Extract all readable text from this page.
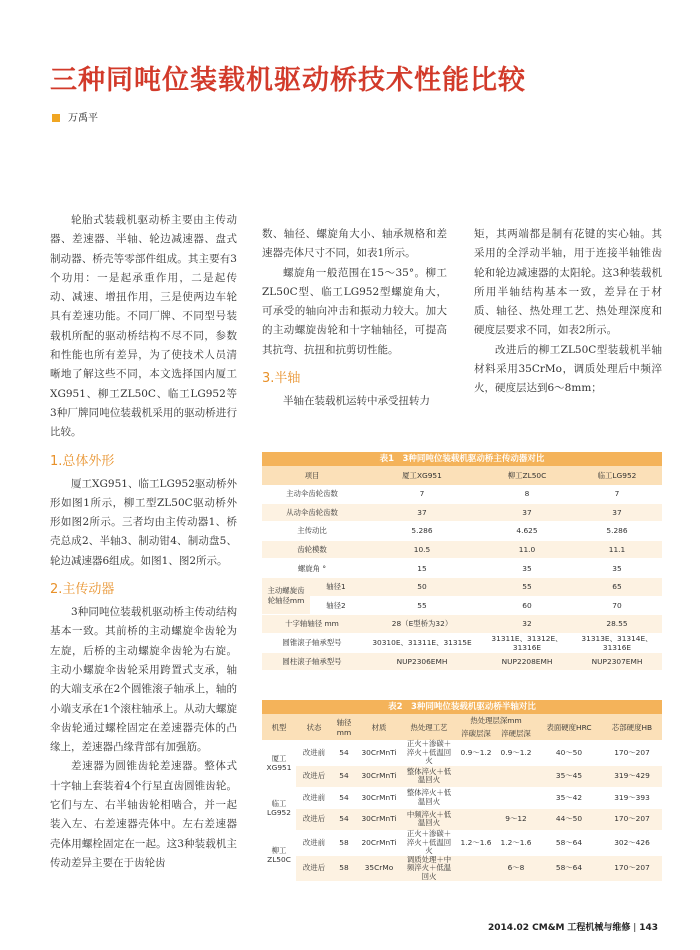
三种同吨位装载机驱动桥技术性能比较
万禹平

轮胎式装载机驱动桥主要由主传动器、差速器、半轴、轮边减速器、盘式制动器、桥壳等零部件组成。其主要有3个功用：一是起承重作用，二是起传动、减速、增扭作用，三是使两边车轮具有差速功能。不同厂牌、不同型号装载机所配的驱动桥结构不尽不同，参数和性能也所有差异，为了使技术人员清晰地了解这些不同，本文选择国内厦工XG951、柳工ZL50C、临工LG952等3种厂牌同吨位装载机采用的驱动桥进行比较。

1.总体外形

厦工XG951、临工LG952驱动桥外形如图1所示，柳工型ZL50C驱动桥外形如图2所示。三者均由主传动器1、桥壳总成2、半轴3、制动钳4、制动盘5、轮边减速器6组成。如图1、图2所示。

2.主传动器

3种同吨位装载机驱动桥主传动结构基本一致。其前桥的主动螺旋伞齿轮为左旋，后桥的主动螺旋伞齿轮为右旋。主动小螺旋伞齿轮采用跨置式支承，轴的大端支承在2个圆锥滚子轴承上，轴的小端支承在1个滚柱轴承上。从动大螺旋伞齿轮通过螺栓固定在差速器壳体的凸缘上，差速器凸缘背部有加强筋。

差速器为圆锥齿轮差速器。整体式十字轴上套装着4个行星直齿圆锥齿轮。它们与左、右半轴齿轮相啮合，并一起装入左、右差速器壳体中。左右差速器壳体用螺栓固定在一起。这3种装载机主传动差异主要在于齿轮齿

数、轴径、螺旋角大小、轴承规格和差速器壳体尺寸不同，如表1所示。

螺旋角一般范围在15～35°。柳工ZL50C型、临工LG952型螺旋角大，可承受的轴向冲击和振动力较大。加大的主动螺旋齿轮和十字轴轴径，可提高其抗弯、抗扭和抗剪切性能。

3.半轴

半轴在装载机运转中承受扭转力

矩，其两端都是制有花键的实心轴。其采用的全浮动半轴，用于连接半轴锥齿轮和轮边减速器的太阳轮。这3种装载机所用半轴结构基本一致，差异在于材质、轴径、热处理工艺、热处理深度和硬度层要求不同，如表2所示。

改进后的柳工ZL50C型装载机半轴材料采用35CrMo，调质处理后中频淬火，硬度层达到6～8mm；

表1　3种同吨位装载机驱动桥主传动器对比
项目	厦工XG951	柳工ZL50C	临工LG952
主动伞齿轮齿数	7	8	7
从动伞齿轮齿数	37	37	37
主传动比	5.286	4.625	5.286
齿轮模数	10.5	11.0	11.1
螺旋角 °	15	35	35
主动螺旋齿轮轴径mm	轴径1	50	55	65
	轴径2	55	60	70
十字轴轴径 mm	28（E型桥为32）	32	28.55
圆锥滚子轴承型号	30310E、31311E、31315E	31311E、31312E、31316E	31313E、31314E、31316E
圆柱滚子轴承型号	NUP2306EMH	NUP2208EMH	NUP2307EMH
表2　3种同吨位装载机驱动桥半轴对比
机型	状态	轴径mm	材质	热处理工艺	热处理层深mm		表面硬度HRC	芯部硬度HB
					淬碳层深	淬硬层深		
厦工XG951	改进前	54	30CrMnTi	正火＋渗碳＋淬火＋低温回火	0.9～1.2	0.9～1.2	40～50	170～207
	改进后	54	30CrMnTi	整体淬火＋低温回火			35～45	319～429
临工LG952	改进前	54	30CrMnTi	整体淬火＋低温回火			35～42	319～393
	改进后	54	30CrMnTi	中频淬火＋低温回火		9～12	44～50	170～207
柳工ZL50C	改进前	58	20CrMnTi	正火＋渗碳＋淬火＋低温回火	1.2～1.6	1.2～1.6	58～64	302～426
	改进后	58	35CrMo	调质处理＋中频淬火＋低温回火		6～8	58～64	170～207
2014.02 CM&M 工程机械与维修 | 143
